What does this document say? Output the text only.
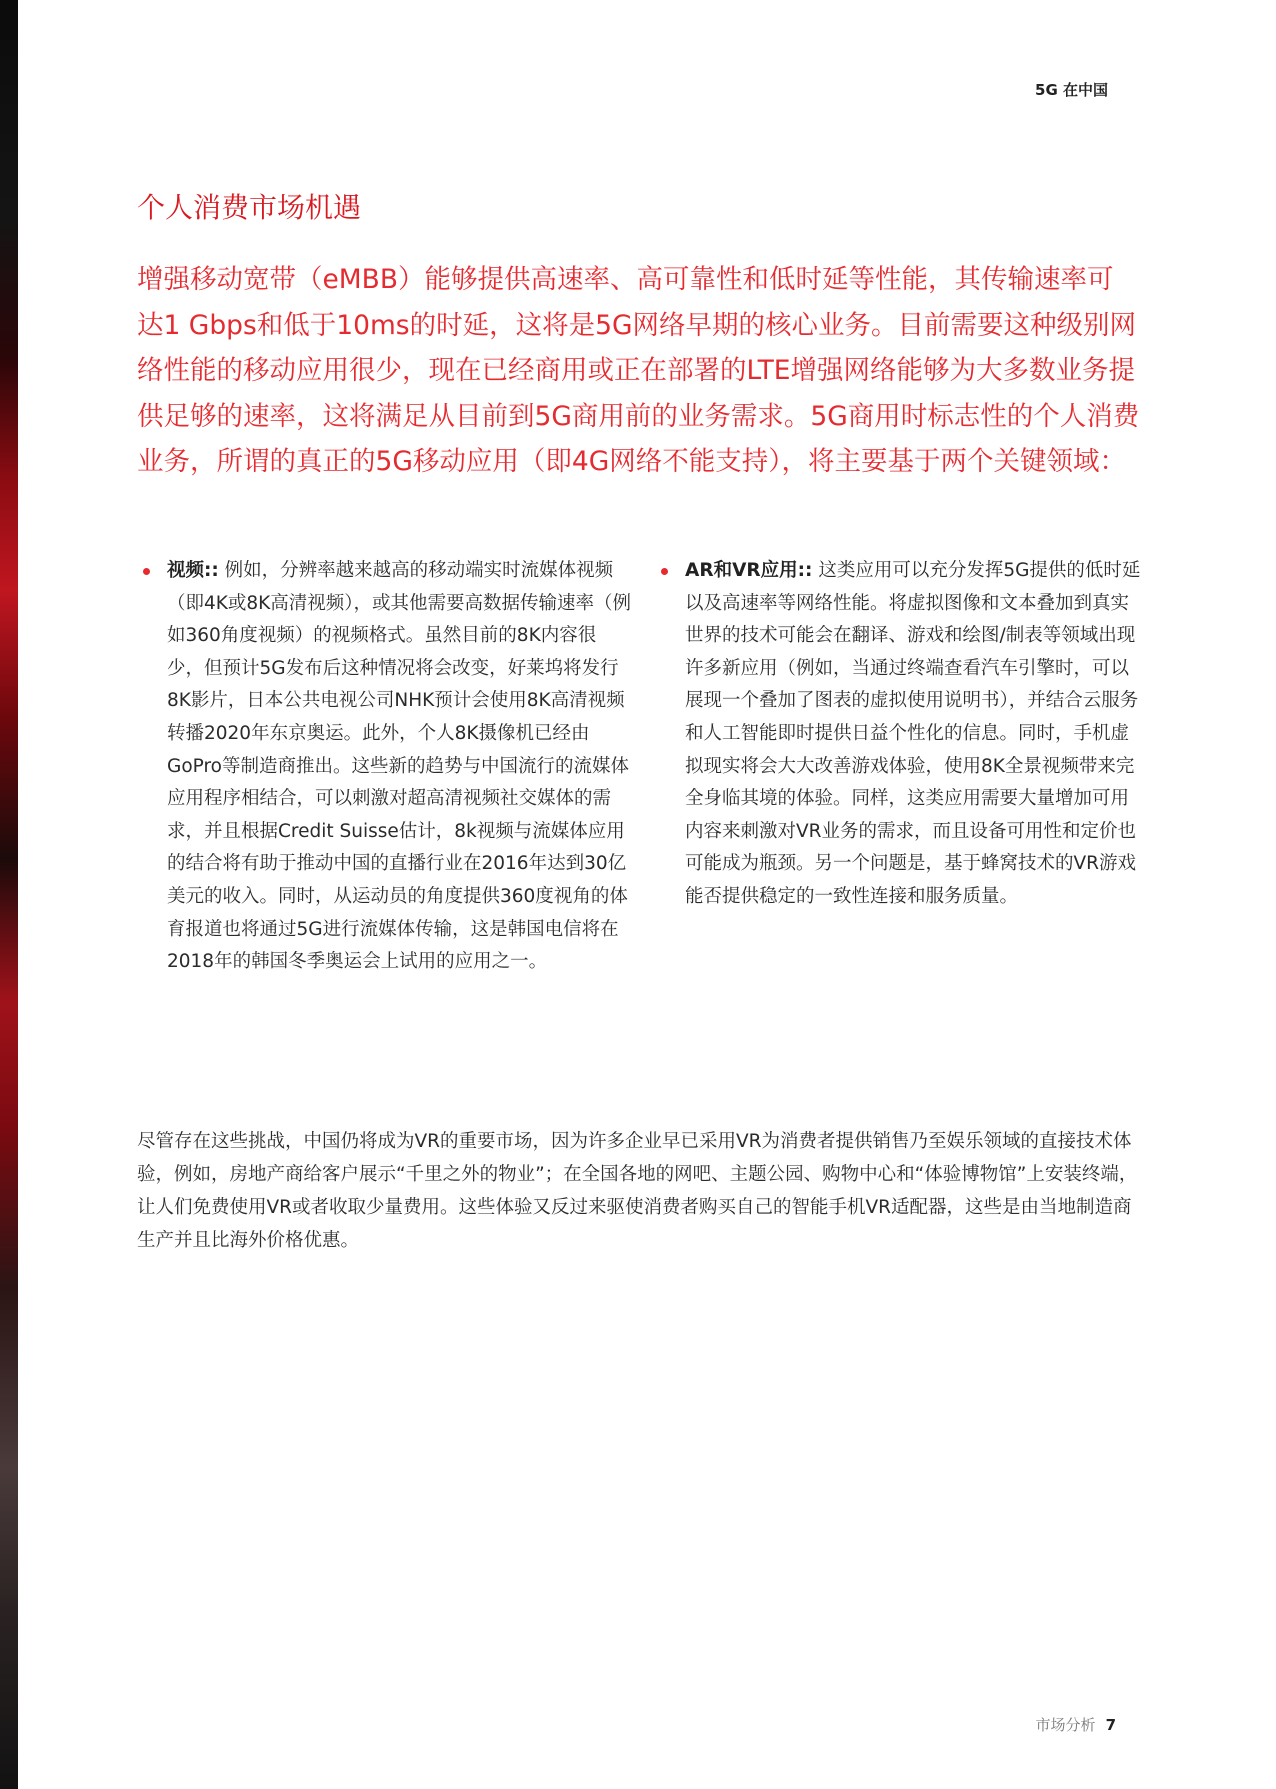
5G 在中国
个人消费市场机遇

增强移动宽带（eMBB）能够提供高速率、高可靠性和低时延等性能，其传输速率可达1 Gbps和低于10ms的时延，这将是5G网络早期的核心业务。目前需要这种级别网络性能的移动应用很少，现在已经商用或正在部署的LTE增强网络能够为大多数业务提供足够的速率，这将满足从目前到5G商用前的业务需求。5G商用时标志性的个人消费业务，所谓的真正的5G移动应用（即4G网络不能支持），将主要基于两个关键领域：

视频:: 例如，分辨率越来越高的移动端实时流媒体视频（即4K或8K高清视频），或其他需要高数据传输速率（例如360角度视频）的视频格式。虽然目前的8K内容很少，但预计5G发布后这种情况将会改变，好莱坞将发行8K影片，日本公共电视公司NHK预计会使用8K高清视频转播2020年东京奥运。此外，个人8K摄像机已经由GoPro等制造商推出。这些新的趋势与中国流行的流媒体应用程序相结合，可以刺激对超高清视频社交媒体的需求，并且根据Credit Suisse估计，8k视频与流媒体应用的结合将有助于推动中国的直播行业在2016年达到30亿美元的收入。同时，从运动员的角度提供360度视角的体育报道也将通过5G进行流媒体传输，这是韩国电信将在2018年的韩国冬季奥运会上试用的应用之一。

AR和VR应用:: 这类应用可以充分发挥5G提供的低时延以及高速率等网络性能。将虚拟图像和文本叠加到真实世界的技术可能会在翻译、游戏和绘图/制表等领域出现许多新应用（例如，当通过终端查看汽车引擎时，可以展现一个叠加了图表的虚拟使用说明书），并结合云服务和人工智能即时提供日益个性化的信息。同时，手机虚拟现实将会大大改善游戏体验，使用8K全景视频带来完全身临其境的体验。同样，这类应用需要大量增加可用内容来刺激对VR业务的需求，而且设备可用性和定价也可能成为瓶颈。另一个问题是，基于蜂窝技术的VR游戏能否提供稳定的一致性连接和服务质量。

尽管存在这些挑战，中国仍将成为VR的重要市场，因为许多企业早已采用VR为消费者提供销售乃至娱乐领域的直接技术体验，例如，房地产商给客户展示“千里之外的物业”；在全国各地的网吧、主题公园、购物中心和“体验博物馆”上安装终端，让人们免费使用VR或者收取少量费用。这些体验又反过来驱使消费者购买自己的智能手机VR适配器，这些是由当地制造商生产并且比海外价格优惠。

市场分析 7
